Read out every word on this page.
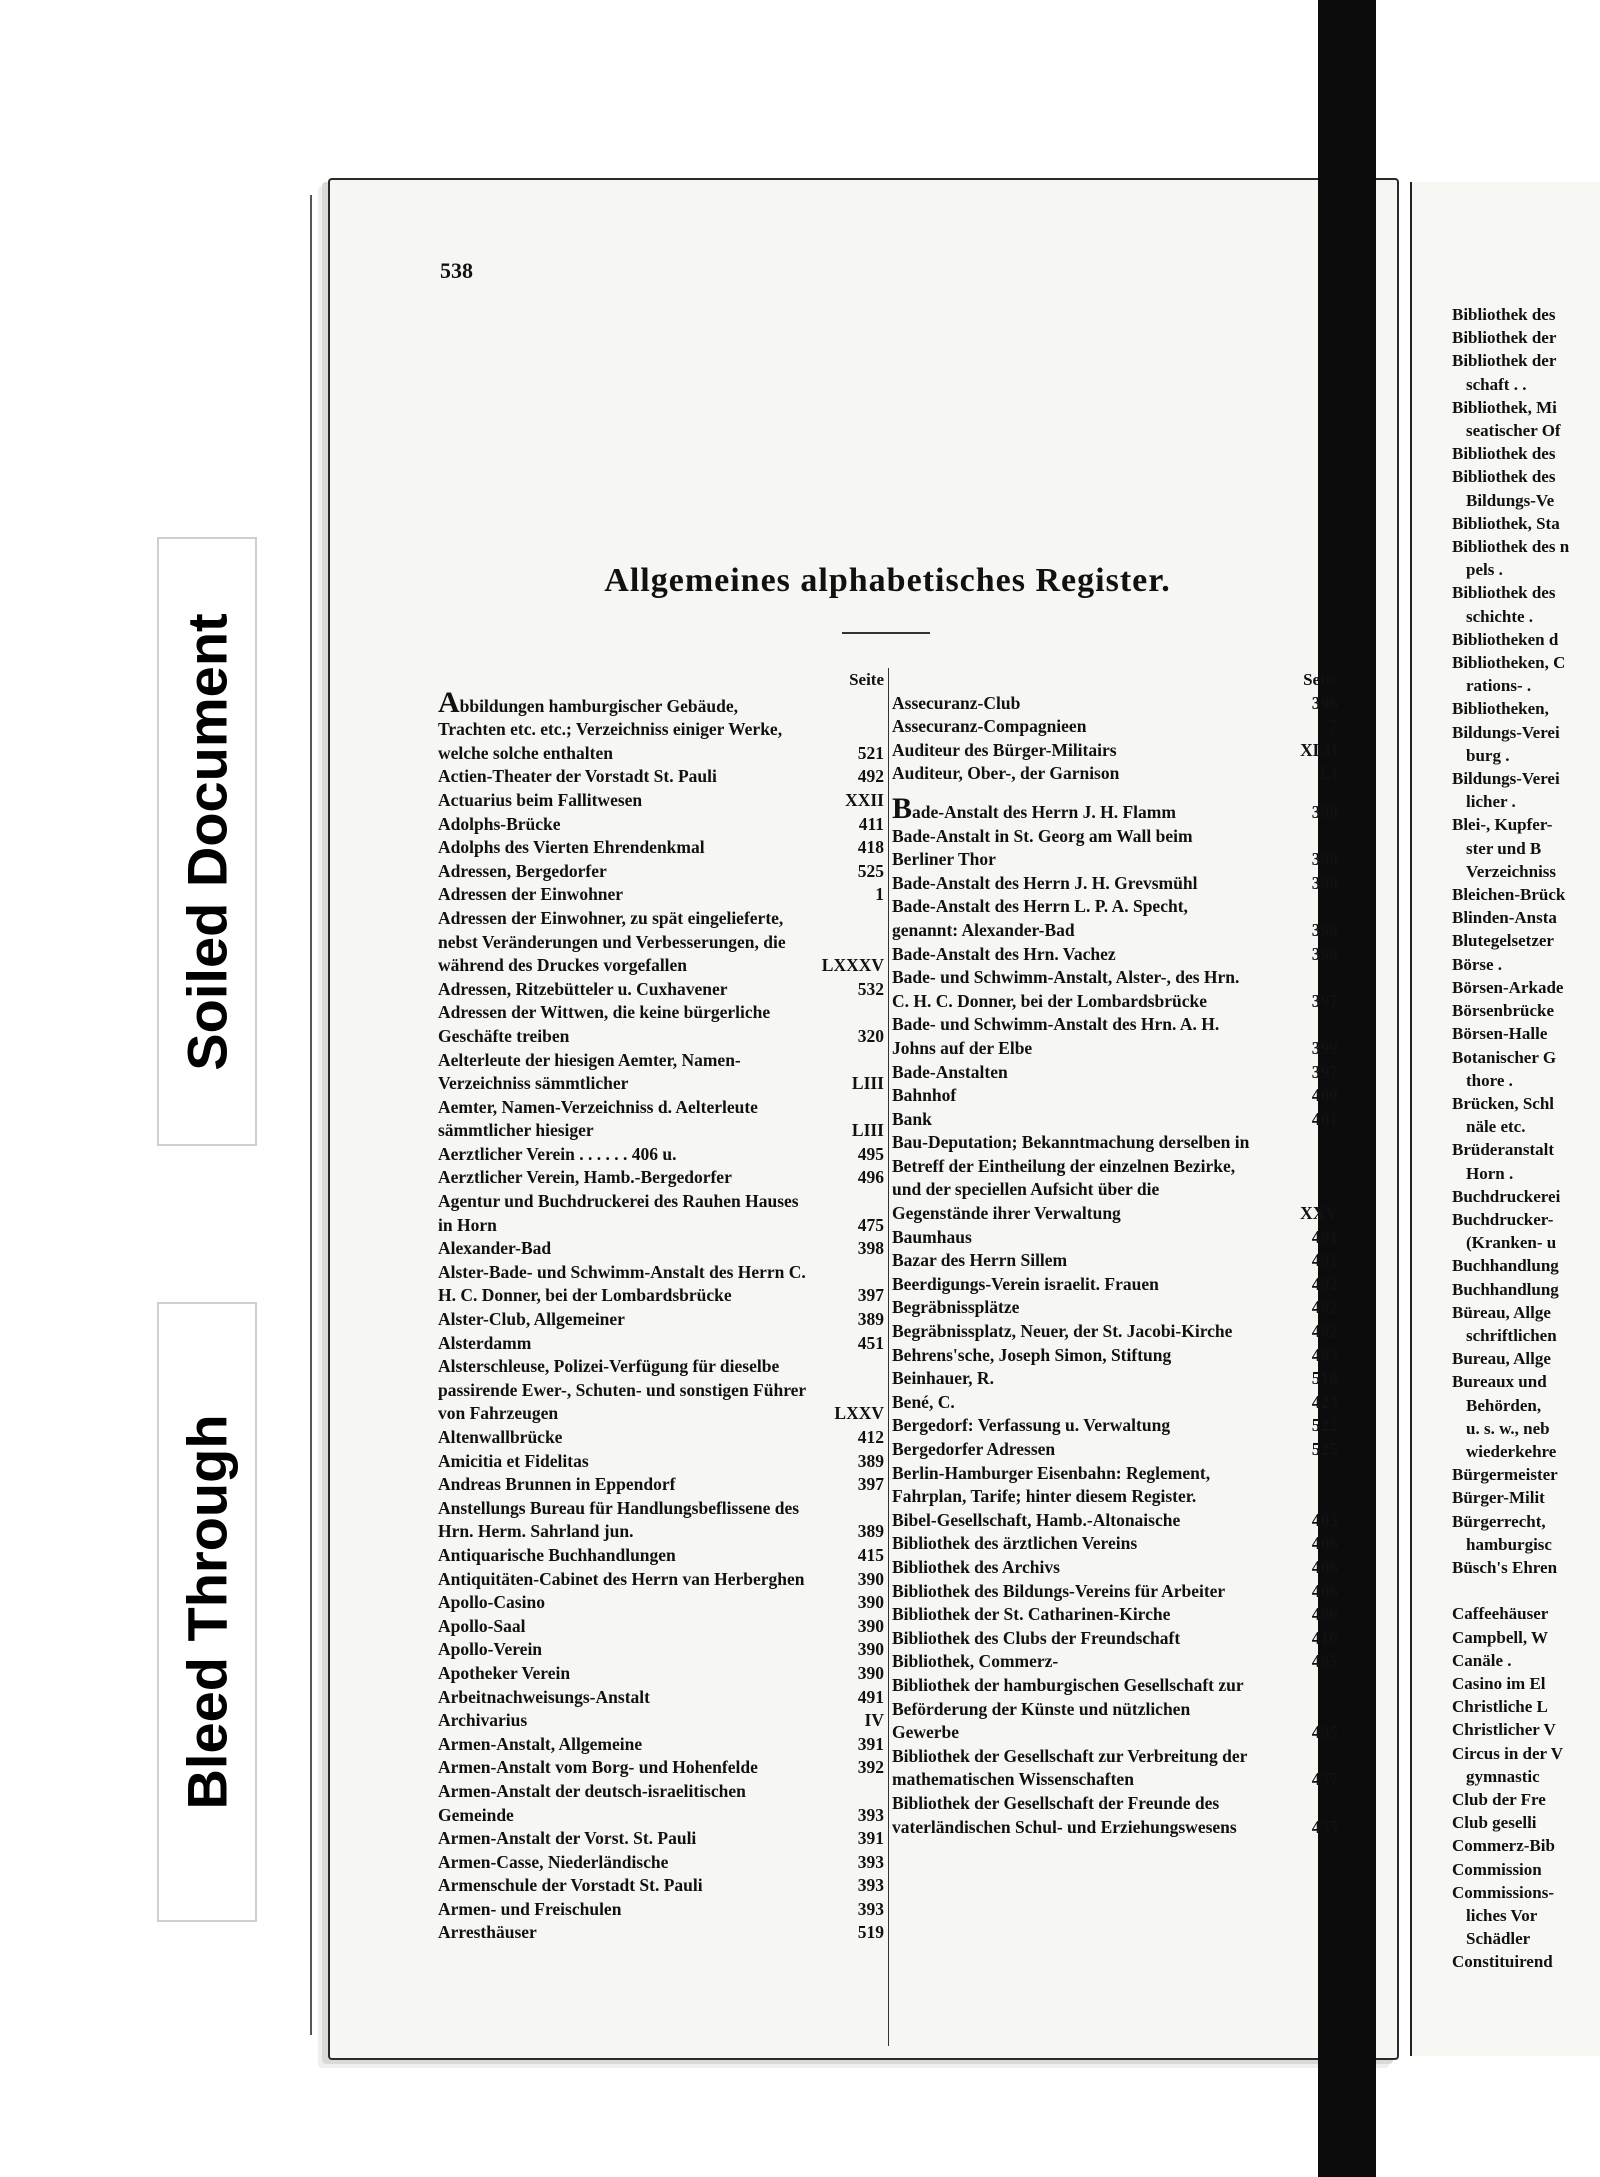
538
Allgemeines alphabetisches Register.
Seite
Abbildungen hamburgischer Gebäude,
Trachten etc. etc.; Verzeichniss einiger Werke, welche solche enthalten	521
Actien-Theater der Vorstadt St. Pauli	492
Actuarius beim Fallitwesen	XXII
Adolphs-Brücke	411
Adolphs des Vierten Ehrendenkmal	418
Adressen, Bergedorfer	525
Adressen der Einwohner	1
Adressen der Einwohner, zu spät eingelieferte, nebst Veränderungen und Verbesserungen, die während des Druckes vorgefallen	LXXXV
Adressen, Ritzebütteler u. Cuxhavener	532
Adressen der Wittwen, die keine bürgerliche Geschäfte treiben	320
Aelterleute der hiesigen Aemter, Namen-Verzeichniss sämmtlicher	LIII
Aemter, Namen-Verzeichniss d. Aelterleute sämmtlicher hiesiger	LIII
Aerztlicher Verein . . . . . . 406 u.	495
Aerztlicher Verein, Hamb.-Bergedorfer	496
Agentur und Buchdruckerei des Rauhen Hauses in Horn	475
Alexander-Bad	398
Alster-Bade- und Schwimm-Anstalt des Herrn C. H. C. Donner, bei der Lombardsbrücke	397
Alster-Club, Allgemeiner	389
Alsterdamm	451
Alsterschleuse, Polizei-Verfügung für dieselbe passirende Ewer-, Schuten- und sonstigen Führer von Fahrzeugen	LXXV
Altenwallbrücke	412
Amicitia et Fidelitas	389
Andreas Brunnen in Eppendorf	397
Anstellungs Bureau für Handlungsbeflissene des Hrn. Herm. Sahrland jun.	389
Antiquarische Buchhandlungen	415
Antiquitäten-Cabinet des Herrn van Herberghen	390
Apollo-Casino	390
Apollo-Saal	390
Apollo-Verein	390
Apotheker Verein	390
Arbeitnachweisungs-Anstalt	491
Archivarius	IV
Armen-Anstalt, Allgemeine	391
Armen-Anstalt vom Borg- und Hohenfelde	392
Armen-Anstalt der deutsch-israelitischen Gemeinde	393
Armen-Anstalt der Vorst. St. Pauli	391
Armen-Casse, Niederländische	393
Armenschule der Vorstadt St. Pauli	393
Armen- und Freischulen	393
Arresthäuser	519
Seite
Assecuranz-Club	396
Assecuranz-Compagnieen	7
Auditeur des Bürger-Militairs	XLII
Auditeur, Ober-, der Garnison	LI
Bade-Anstalt des Herrn J. H. Flamm	398
Bade-Anstalt in St. Georg am Wall beim Berliner Thor	398
Bade-Anstalt des Herrn J. H. Grevsmühl	398
Bade-Anstalt des Herrn L. P. A. Specht, genannt: Alexander-Bad	398
Bade-Anstalt des Hrn. Vachez	398
Bade- und Schwimm-Anstalt, Alster-, des Hrn. C. H. C. Donner, bei der Lombardsbrücke	397
Bade- und Schwimm-Anstalt des Hrn. A. H. Johns auf der Elbe	399
Bade-Anstalten	397
Bahnhof	400
Bank	401
Bau-Deputation; Bekanntmachung derselben in Betreff der Eintheilung der einzelnen Bezirke, und der speciellen Aufsicht über die Gegenstände ihrer Verwaltung	XXV
Baumhaus	401
Bazar des Herrn Sillem	401
Beerdigungs-Verein israelit. Frauen	402
Begräbnissplätze	402
Begräbnissplatz, Neuer, der St. Jacobi-Kirche	402
Behrens'sche, Joseph Simon, Stiftung	403
Beinhauer, R.	510
Bené, C.	423
Bergedorf: Verfassung u. Verwaltung	522
Bergedorfer Adressen	525
Berlin-Hamburger Eisenbahn: Reglement, Fahrplan, Tarife; hinter diesem Register.
Bibel-Gesellschaft, Hamb.-Altonaische	403
Bibliothek des ärztlichen Vereins	406
Bibliothek des Archivs	406
Bibliothek des Bildungs-Vereins für Arbeiter	406
Bibliothek der St. Catharinen-Kirche	406
Bibliothek des Clubs der Freundschaft	416
Bibliothek, Commerz-	405
Bibliothek der hamburgischen Gesellschaft zur Beförderung der Künste und nützlichen Gewerbe	405
Bibliothek der Gesellschaft zur Verbreitung der mathematischen Wissenschaften	437
Bibliothek der Gesellschaft der Freunde des vaterländischen Schul- und Erziehungswesens	435
Bibliothek des
Bibliothek der
Bibliothek der
schaft . .
Bibliothek, Mi
seatischer Of
Bibliothek des
Bibliothek des
Bildungs-Ve
Bibliothek, Sta
Bibliothek des n
pels .
Bibliothek des
schichte .
Bibliotheken d
Bibliotheken, C
rations- .
Bibliotheken,
Bildungs-Verei
burg .
Bildungs-Verei
licher .
Blei-, Kupfer-
ster und B
Verzeichniss
Bleichen-Brück
Blinden-Ansta
Blutegelsetzer
Börse .
Börsen-Arkade
Börsenbrücke
Börsen-Halle
Botanischer G
thore .
Brücken, Schl
näle etc.
Brüderanstalt
Horn .
Buchdruckerei
Buchdrucker-
(Kranken- u
Buchhandlung
Buchhandlung
Büreau, Allge
schriftlichen
Bureau, Allge
Bureaux und
Behörden,
u. s. w., neb
wiederkehre
Bürgermeister
Bürger-Milit
Bürgerrecht,
hamburgisc
Büsch's Ehren

Caffeehäuser
Campbell, W
Canäle .
Casino im El
Christliche L
Christlicher V
Circus in der V
gymnastic
Club der Fre
Club geselli
Commerz-Bib
Commission
Commissions-
liches Vor
Schädler
Constituirend
Soiled Document
Bleed Through
